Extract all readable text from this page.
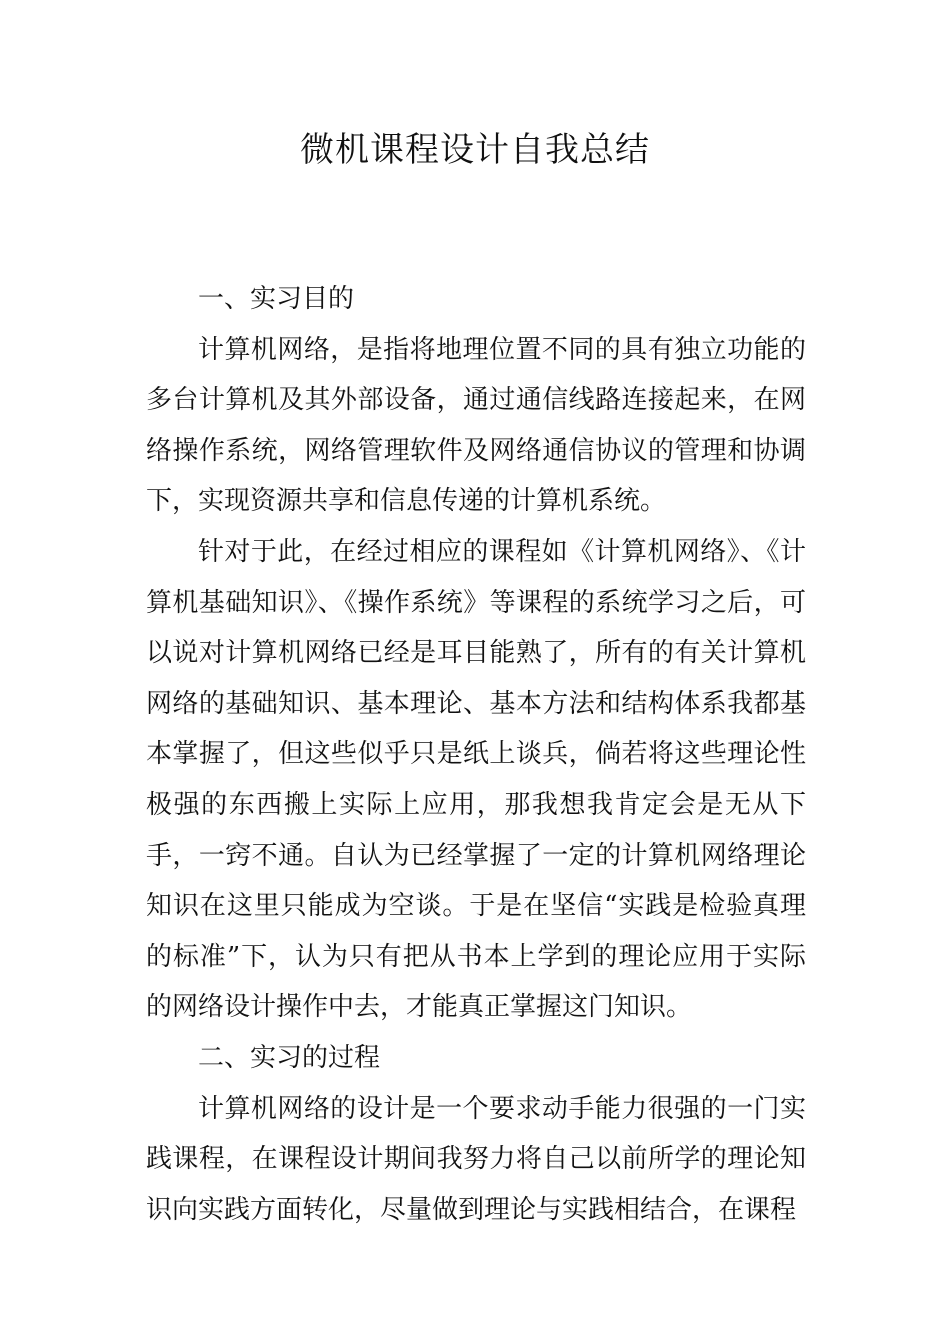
微机课程设计自我总结

一、实习目的

计算机网络，是指将地理位置不同的具有独立功能的多台计算机及其外部设备，通过通信线路连接起来，在网络操作系统，网络管理软件及网络通信协议的管理和协调下，实现资源共享和信息传递的计算机系统。

针对于此，在经过相应的课程如《计算机网络》、《计算机基础知识》、《操作系统》等课程的系统学习之后，可以说对计算机网络已经是耳目能熟了，所有的有关计算机网络的基础知识、基本理论、基本方法和结构体系我都基本掌握了，但这些似乎只是纸上谈兵，倘若将这些理论性极强的东西搬上实际上应用，那我想我肯定会是无从下手，一窍不通。自认为已经掌握了一定的计算机网络理论知识在这里只能成为空谈。于是在坚信“实践是检验真理的标准”下，认为只有把从书本上学到的理论应用于实际的网络设计操作中去，才能真正掌握这门知识。

二、实习的过程

计算机网络的设计是一个要求动手能力很强的一门实践课程，在课程设计期间我努力将自己以前所学的理论知识向实践方面转化，尽量做到理论与实践相结合，在课程
